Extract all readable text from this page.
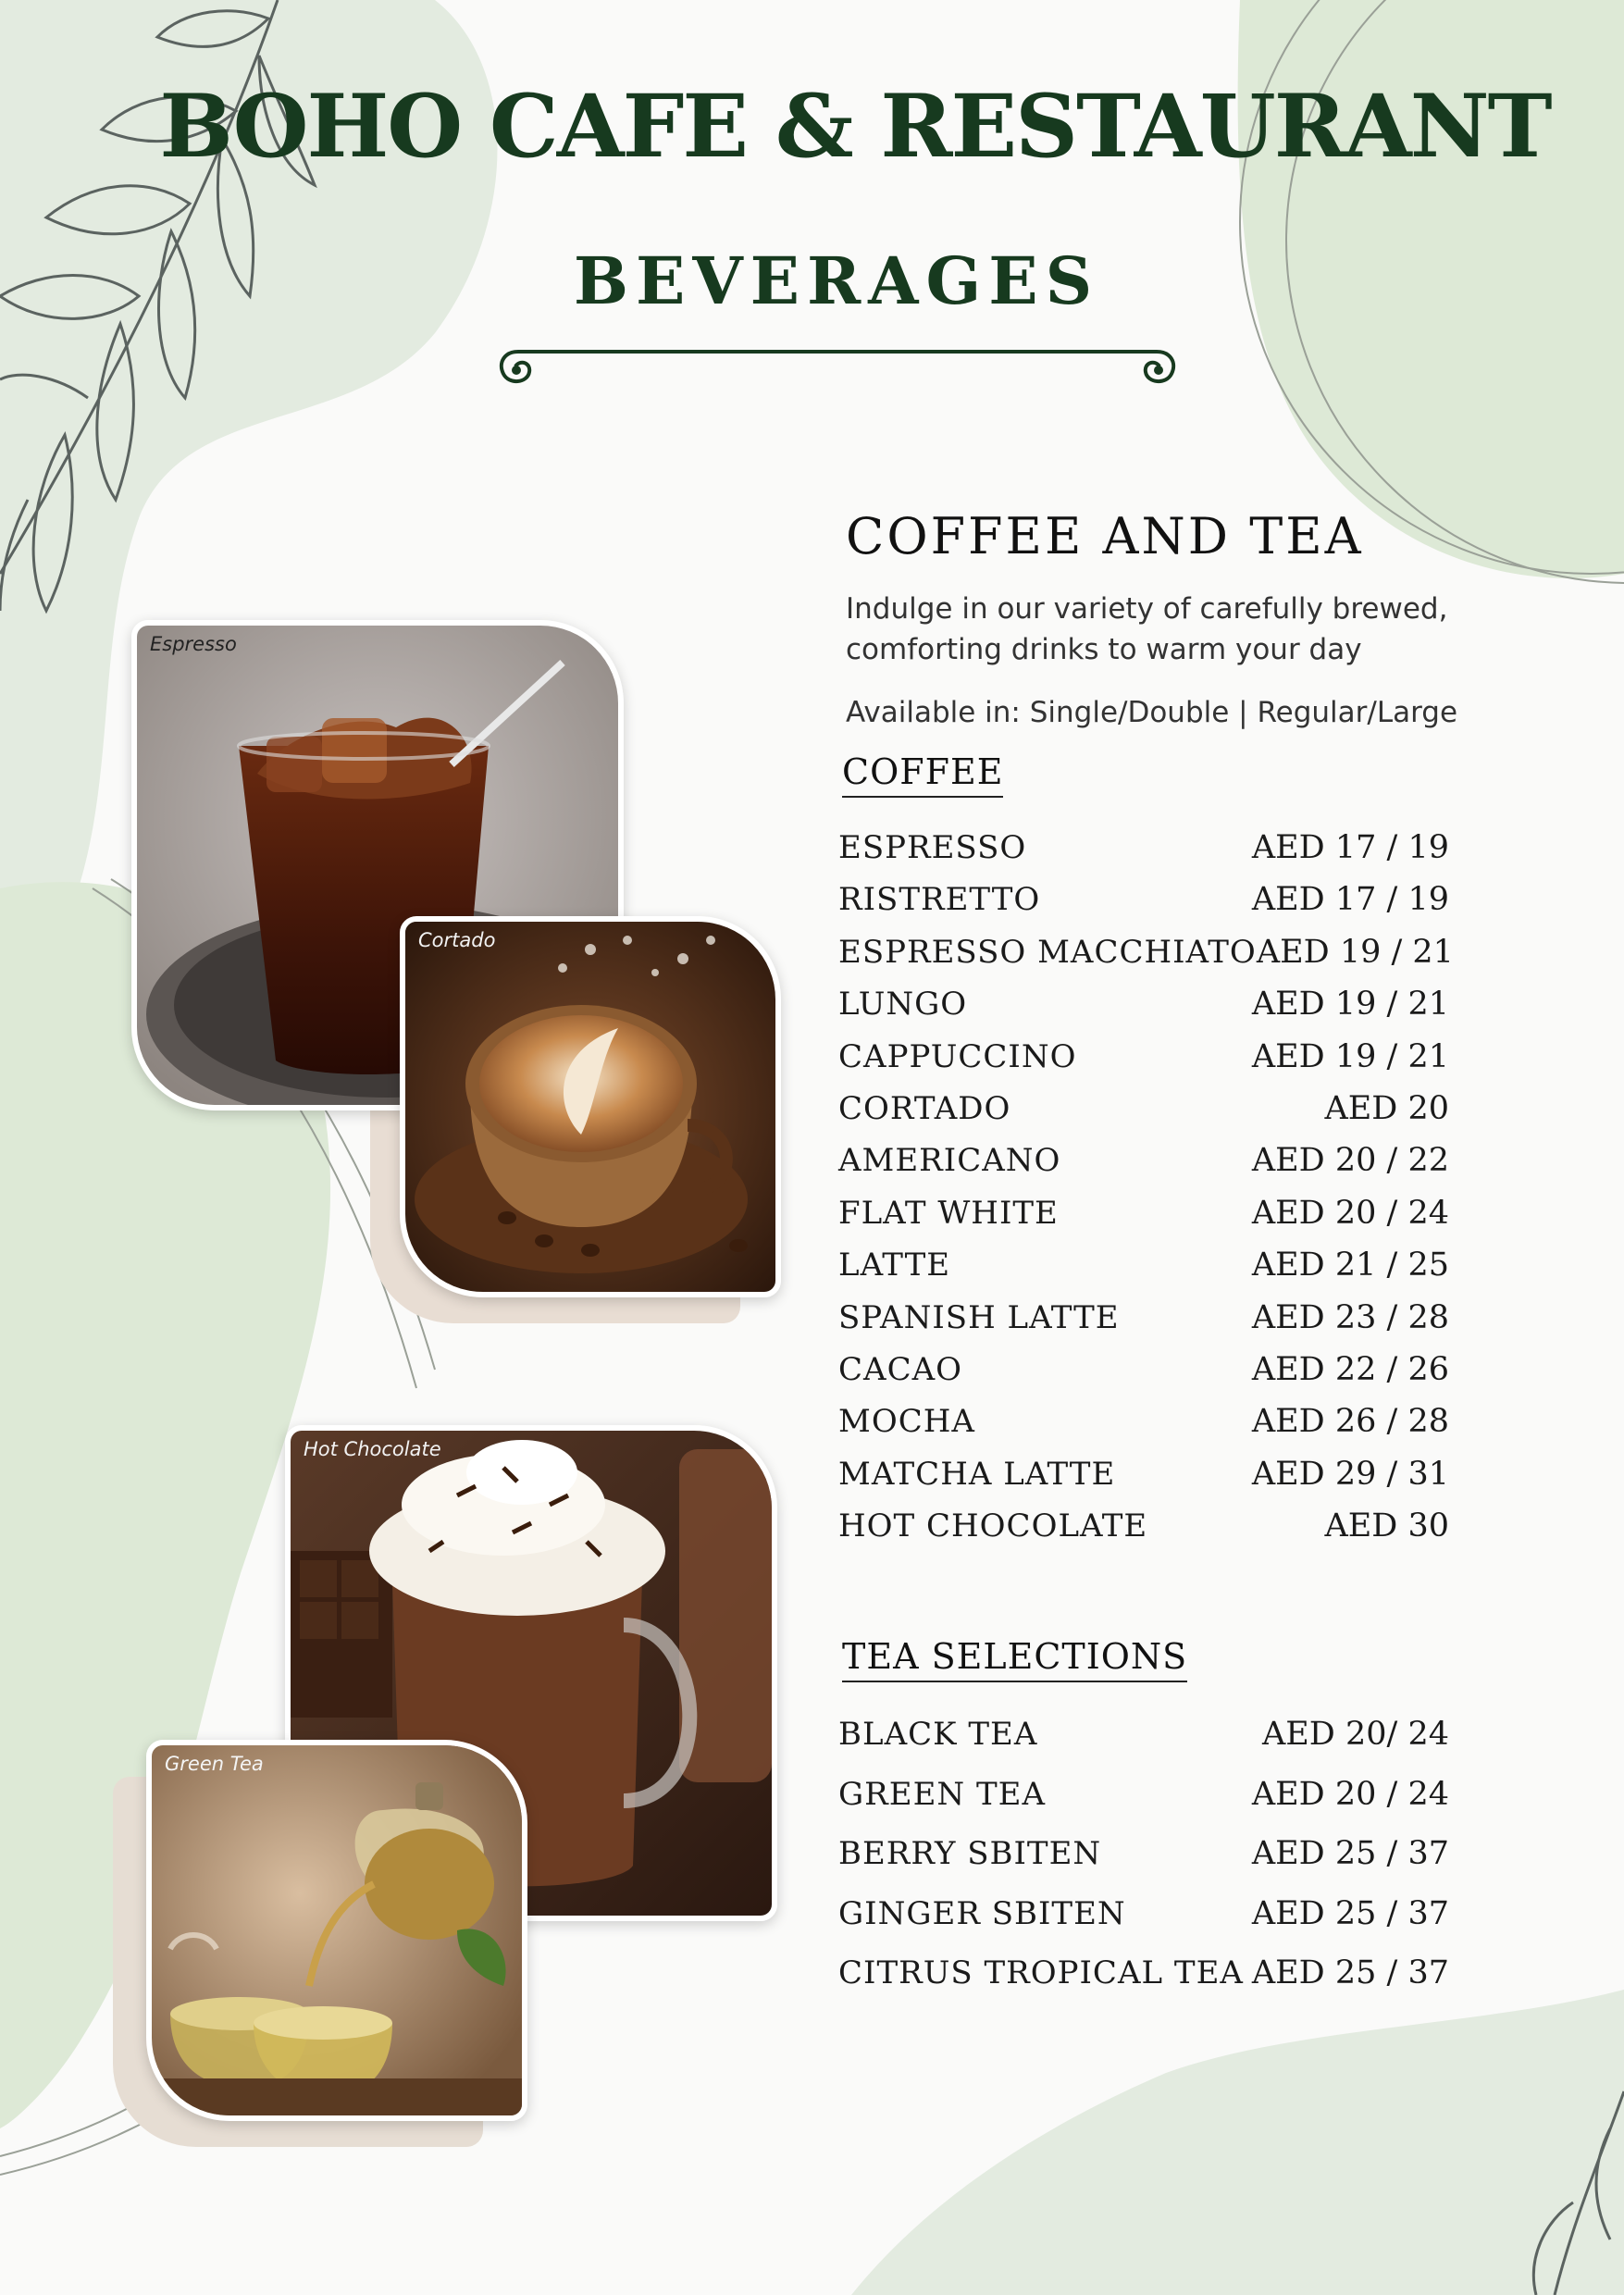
BOHO CAFE & RESTAURANT
BEVERAGES
Espresso
Cortado
Hot Chocolate
Green Tea
COFFEE AND TEA

Indulge in our variety of carefully brewed, comforting drinks to warm your day

Available in: Single/Double | Regular/Large

COFFEE
ESPRESSO	AED 17 / 19
RISTRETTO	AED 17 / 19
ESPRESSO MACCHIATO AED 19 / 21
LUNGO	AED 19 / 21
CAPPUCCINO	AED 19 / 21
CORTADO	AED 20
AMERICANO	AED 20 / 22
FLAT WHITE	AED 20 / 24
LATTE	AED 21 / 25
SPANISH LATTE	AED 23 / 28
CACAO	AED 22 / 26
MOCHA	AED 26 / 28
MATCHA LATTE	AED 29 / 31
HOT CHOCOLATE	AED 30
TEA SELECTIONS
BLACK TEA	AED 20/ 24
GREEN TEA	AED 20 / 24
BERRY SBITEN	AED 25 / 37
GINGER SBITEN	AED 25 / 37
CITRUS TROPICAL TEA AED 25 / 37
